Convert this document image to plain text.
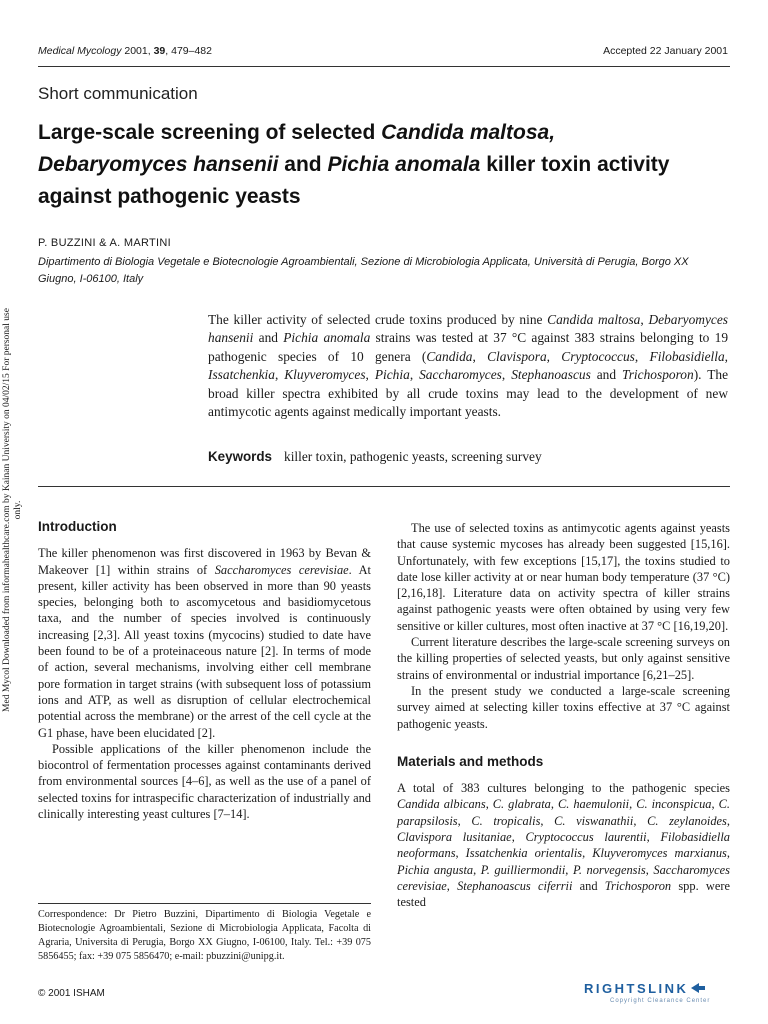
Medical Mycology 2001, 39, 479–482	Accepted 22 January 2001
Short communication
Large-scale screening of selected Candida maltosa,
Debaryomyces hansenii and Pichia anomala killer toxin activity against pathogenic yeasts
P. BUZZINI & A. MARTINI
Dipartimento di Biologia Vegetale e Biotecnologie Agroambientali, Sezione di Microbiologia Applicata, Università di Perugia, Borgo XX Giugno, I-06100, Italy
The killer activity of selected crude toxins produced by nine Candida maltosa, Debaryomyces hansenii and Pichia anomala strains was tested at 37 °C against 383 strains belonging to 19 pathogenic species of 10 genera (Candida, Clavispora, Cryptococcus, Filobasidiella, Issatchenkia, Kluyveromyces, Pichia, Saccharomyces, Stephanoascus and Trichosporon). The broad killer spectra exhibited by all crude toxins may lead to the development of new antimycotic agents against medically important yeasts.
Keywords killer toxin, pathogenic yeasts, screening survey

Introduction

The killer phenomenon was first discovered in 1963 by Bevan & Makeover [1] within strains of Saccharomyces cerevisiae. At present, killer activity has been observed in more than 90 yeasts species, belonging both to ascomycetous and basidiomycetous taxa, and the number of species involved is continuously increasing [2,3]. All yeast toxins (mycocins) studied to date have been found to be of a proteinaceous nature [2]. In terms of mode of action, several mechanisms, involving either cell membrane pore formation in target strains (with subsequent loss of potassium ions and ATP, as well as disruption of cellular electrochemical potential across the membrane) or the arrest of the cell cycle at the G1 phase, have been elucidated [2].

Possible applications of the killer phenomenon include the biocontrol of fermentation processes against contaminants derived from environmental sources [4–6], as well as the use of a panel of selected toxins for intraspecific characterization of industrially and clinically interesting yeast cultures [7–14].

Correspondence: Dr Pietro Buzzini, Dipartimento di Biologia Vegetale e Biotecnologie Agroambientali, Sezione di Microbiologia Applicata, Facolta di Agraria, Universita di Perugia, Borgo XX Giugno, I-06100, Italy. Tel.: +39 075 5856455; fax: +39 075 5856470; e-mail: pbuzzini@unipg.it.
© 2001 ISHAM

The use of selected toxins as antimycotic agents against yeasts that cause systemic mycoses has already been suggested [15,16]. Unfortunately, with few exceptions [15,17], the toxins studied to date lose killer activity at or near human body temperature (37 °C) [2,16,18]. Literature data on activity spectra of killer strains against pathogenic yeasts were often obtained by using very few sensitive or killer cultures, most often inactive at 37 °C [16,19,20].

Current literature describes the large-scale screening surveys on the killing properties of selected yeasts, but only against sensitive strains of environmental or industrial importance [6,21–25].

In the present study we conducted a large-scale screening survey aimed at selecting killer toxins effective at 37 °C against pathogenic yeasts.

Materials and methods

A total of 383 cultures belonging to the pathogenic species Candida albicans, C. glabrata, C. haemulonii, C. inconspicua, C. parapsilosis, C. tropicalis, C. viswanathii, C. zeylanoides, Clavispora lusitaniae, Cryptococcus laurentii, Filobasidiella neoformans, Issatchenkia orientalis, Kluyveromyces marxianus, Pichia angusta, P. guilliermondii, P. norvegensis, Saccharomyces cerevisiae, Stephanoascus ciferrii and Trichosporon spp. were tested

Med Mycol Downloaded from informahealthcare.com by Kainan University on 04/02/15 For personal use only.
RIGHTSLINK
Copyright Clearance Center
